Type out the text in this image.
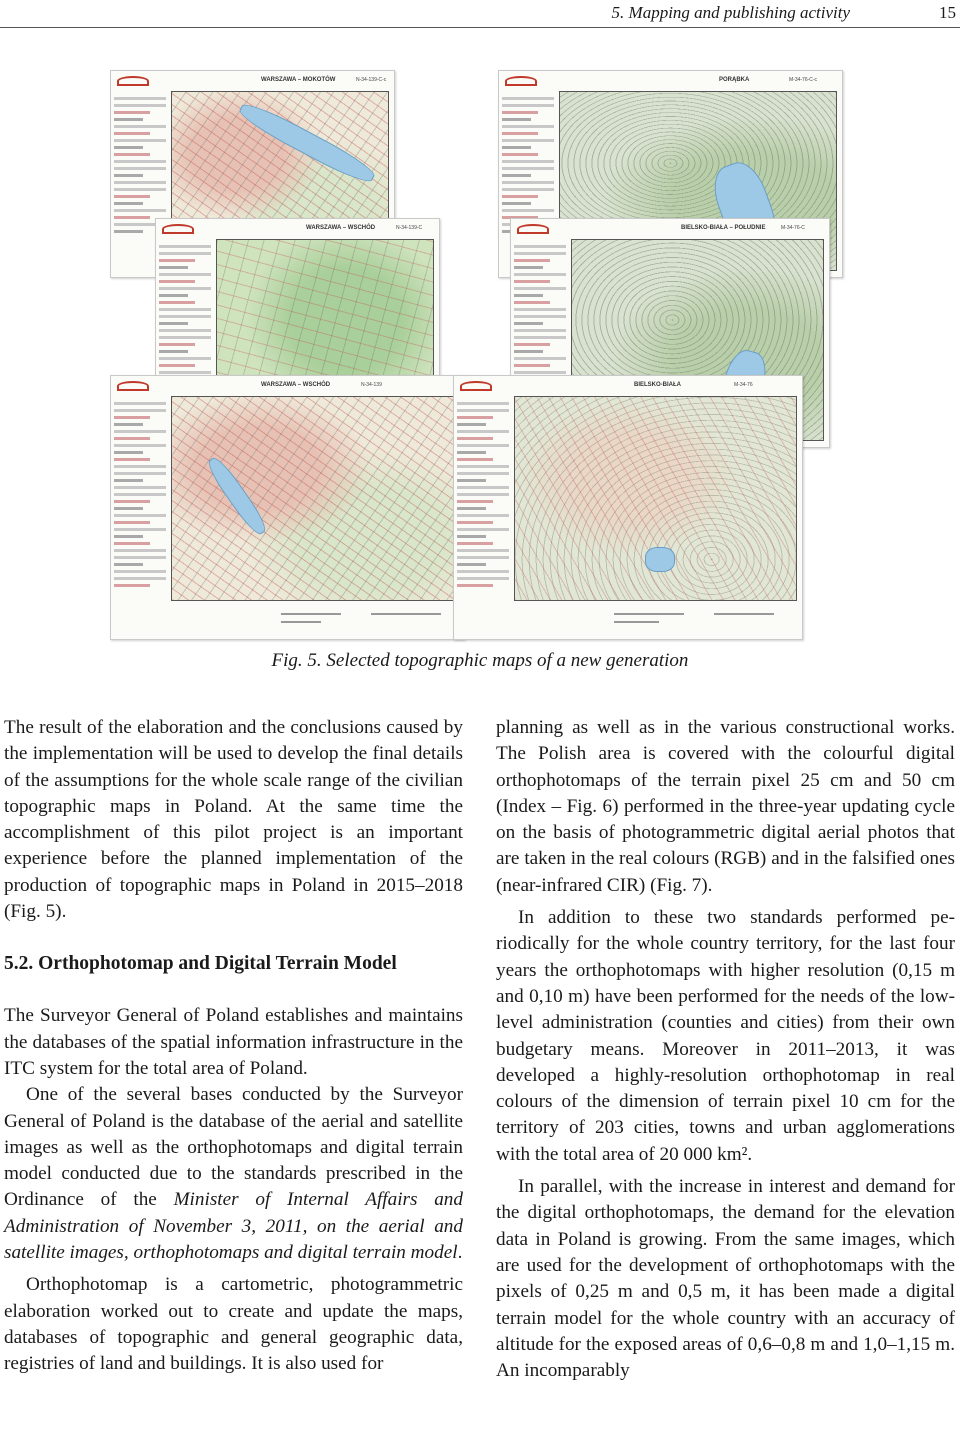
5. Mapping and publishing activity	15
WARSZAWA – MOKOTÓW	N-34-139-C-c	PORĄBKA	M-34-76-C-c
WARSZAWA – WSCHÓD	N-34-139-C	BIELSKO-BIAŁA – POŁUDNIE	M-34-76-C
WARSZAWA – WSCHÓD	N-34-139	BIELSKO-BIAŁA	M-34-76
Fig. 5. Selected topographic maps of a new generation

The result of the elaboration and the conclusions caused by the implementation will be used to develop the final details of the assumptions for the whole scale range of the civilian topographic maps in Poland. At the same time the accomplishment of this pilot project is an important experience before the planned implementation of the production of topographic maps in Poland in 2015–2018 (Fig. 5).

5.2. Orthophotomap and Digital Terrain Model

The Surveyor General of Poland establishes and maintains the databases of the spatial information infrastructure in the ITC system for the total area of Poland.

One of the several bases conducted by the Surveyor General of Poland is the database of the aerial and satellite images as well as the orthophotomaps and digital terrain model conducted due to the standards prescribed in the Ordinance of the Minister of Internal Affairs and Administration of November 3, 2011, on the aerial and satellite images, orthophotomaps and digital terrain model.

Orthophotomap is a cartometric, photogrammetric elaboration worked out to create and update the maps, databases of topographic and general geographic data, registries of land and buildings. It is also used for

planning as well as in the various constructional works. The Polish area is covered with the colourful digital orthophotomaps of the terrain pixel 25 cm and 50 cm (Index – Fig. 6) performed in the three-year updating cycle on the basis of photogrammetric digital aerial photos that are taken in the real colours (RGB) and in the falsified ones (near-infrared CIR) (Fig. 7).

In addition to these two standards performed periodically for the whole country territory, for the last four years the orthophotomaps with higher resolution (0,15 m and 0,10 m) have been performed for the needs of the low-level administration (counties and cities) from their own budgetary means. Moreover in 2011–2013, it was developed a highly-resolution orthophotomap in real colours of the dimension of terrain pixel 10 cm for the territory of 203 cities, towns and urban agglomerations with the total area of 20 000 km².

In parallel, with the increase in interest and demand for the digital orthophotomaps, the demand for the elevation data in Poland is growing. From the same images, which are used for the development of orthophotomaps with the pixels of 0,25 m and 0,5 m, it has been made a digital terrain model for the whole country with an accuracy of altitude for the exposed areas of 0,6–0,8 m and 1,0–1,15 m. An incomparably
